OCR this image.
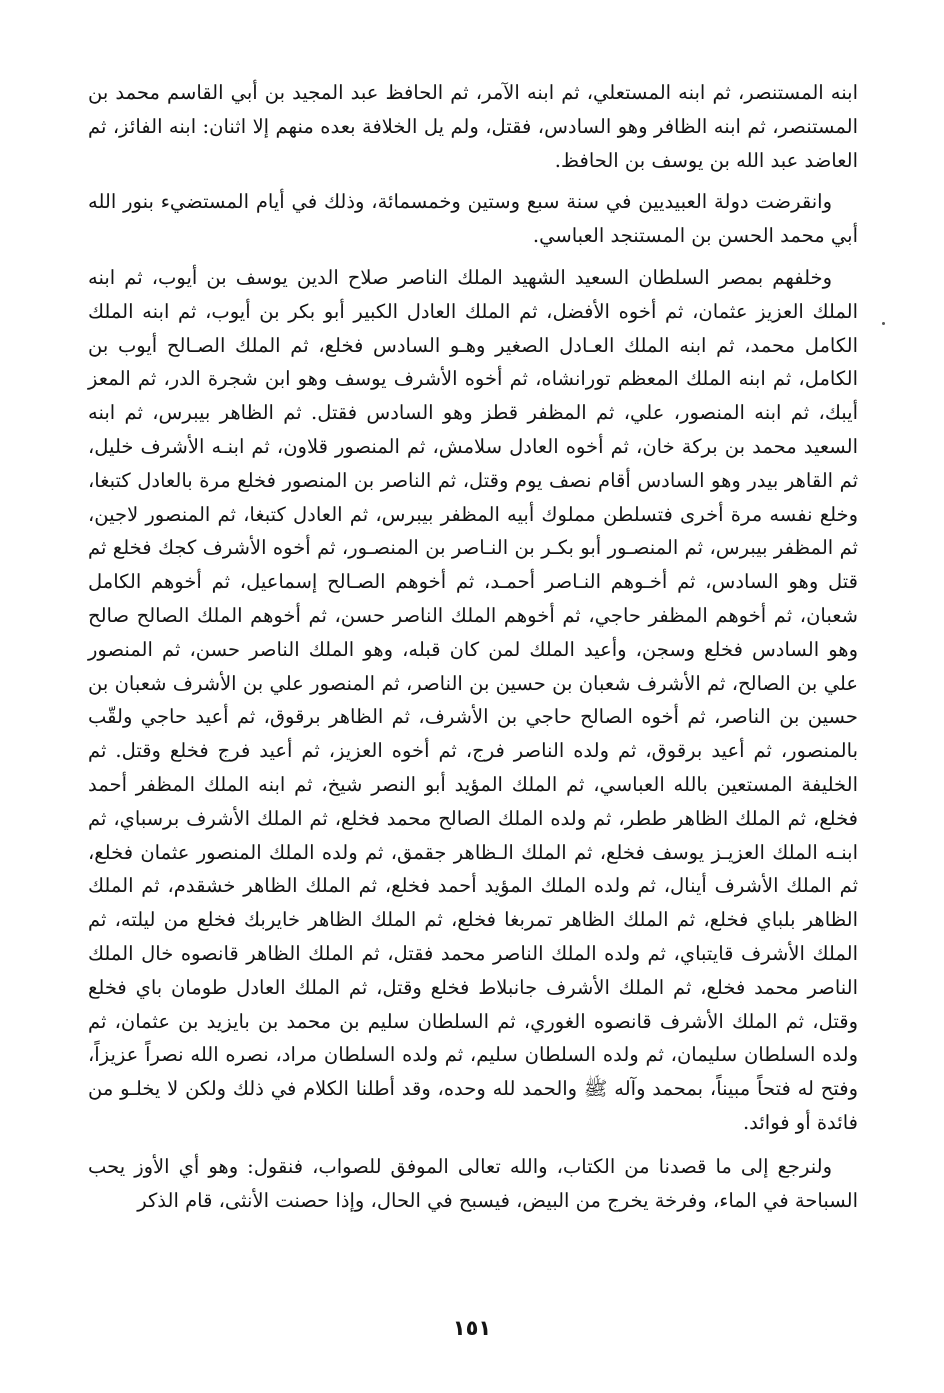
ابنه المستنصر، ثم ابنه المستعلي، ثم ابنه الآمر، ثم الحافظ عبد المجيد بن أبي القاسم محمد بن المستنصر، ثم ابنه الظافر وهو السادس، فقتل، ولم يل الخلافة بعده منهم إلا اثنان: ابنه الفائز، ثم العاضد عبد الله بن يوسف بن الحافظ.

وانقرضت دولة العبيديين في سنة سبع وستين وخمسمائة، وذلك في أيام المستضيء بنور الله أبي محمد الحسن بن المستنجد العباسي.

وخلفهم بمصر السلطان السعيد الشهيد الملك الناصر صلاح الدين يوسف بن أيوب، ثم ابنه الملك العزيز عثمان، ثم أخوه الأفضل، ثم الملك العادل الكبير أبو بكر بن أيوب، ثم ابنه الملك الكامل محمد، ثم ابنه الملك العـادل الصغير وهـو السادس فخلع، ثم الملك الصـالح أيوب بن الكامل، ثم ابنه الملك المعظم تورانشاه، ثم أخوه الأشرف يوسف وهو ابن شجرة الدر، ثم المعز أيبك، ثم ابنه المنصور، علي، ثم المظفر قطز وهو السادس فقتل. ثم الظاهر بيبرس، ثم ابنه السعيد محمد بن بركة خان، ثم أخوه العادل سلامش، ثم المنصور قلاون، ثم ابنـه الأشرف خليل، ثم القاهر بيدر وهو السادس أقام نصف يوم وقتل، ثم الناصر بن المنصور فخلع مرة بالعادل كتبغا، وخلع نفسه مرة أخرى فتسلطن مملوك أبيه المظفر بيبرس، ثم العادل كتبغا، ثم المنصور لاجين، ثم المظفر بيبرس، ثم المنصـور أبو بكـر بن النـاصر بن المنصـور، ثم أخوه الأشرف كجك فخلع ثم قتل وهو السادس، ثم أخـوهم النـاصر أحمـد، ثم أخوهم الصـالح إسماعيل، ثم أخوهم الكامل شعبان، ثم أخوهم المظفر حاجي، ثم أخوهم الملك الناصر حسن، ثم أخوهم الملك الصالح صالح وهو السادس فخلع وسجن، وأعيد الملك لمن كان قبله، وهو الملك الناصر حسن، ثم المنصور علي بن الصالح، ثم الأشرف شعبان بن حسين بن الناصر، ثم المنصور علي بن الأشرف شعبان بن حسين بن الناصر، ثم أخوه الصالح حاجي بن الأشرف، ثم الظاهر برقوق، ثم أعيد حاجي ولقّب بالمنصور، ثم أعيد برقوق، ثم ولده الناصر فرج، ثم أخوه العزيز، ثم أعيد فرج فخلع وقتل. ثم الخليفة المستعين بالله العباسي، ثم الملك المؤيد أبو النصر شيخ، ثم ابنه الملك المظفر أحمد فخلع، ثم الملك الظاهر ططر، ثم ولده الملك الصالح محمد فخلع، ثم الملك الأشرف برسباي، ثم ابنـه الملك العزيـز يوسف فخلع، ثم الملك الـظاهر جقمق، ثم ولده الملك المنصور عثمان فخلع، ثم الملك الأشرف أينال، ثم ولده الملك المؤيد أحمد فخلع، ثم الملك الظاهر خشقدم، ثم الملك الظاهر بلباي فخلع، ثم الملك الظاهر تمربغا فخلع، ثم الملك الظاهر خايربك فخلع من ليلته، ثم الملك الأشرف قايتباي، ثم ولده الملك الناصر محمد فقتل، ثم الملك الظاهر قانصوه خال الملك الناصر محمد فخلع، ثم الملك الأشرف جانبلاط فخلع وقتل، ثم الملك العادل طومان باي فخلع وقتل، ثم الملك الأشرف قانصوه الغوري، ثم السلطان سليم بن محمد بن بايزيد بن عثمان، ثم ولده السلطان سليمان، ثم ولده السلطان سليم، ثم ولده السلطان مراد، نصره الله نصراً عزيزاً، وفتح له فتحاً مبيناً، بمحمد وآله ﷺ والحمد لله وحده، وقد أطلنا الكلام في ذلك ولكن لا يخلـو من فائدة أو فوائد.

ولنرجع إلى ما قصدنا من الكتاب، والله تعالى الموفق للصواب، فنقول: وهو أي الأوز يحب السباحة في الماء، وفرخة يخرج من البيض، فيسبح في الحال، وإذا حصنت الأنثى، قام الذكر

١٥١
